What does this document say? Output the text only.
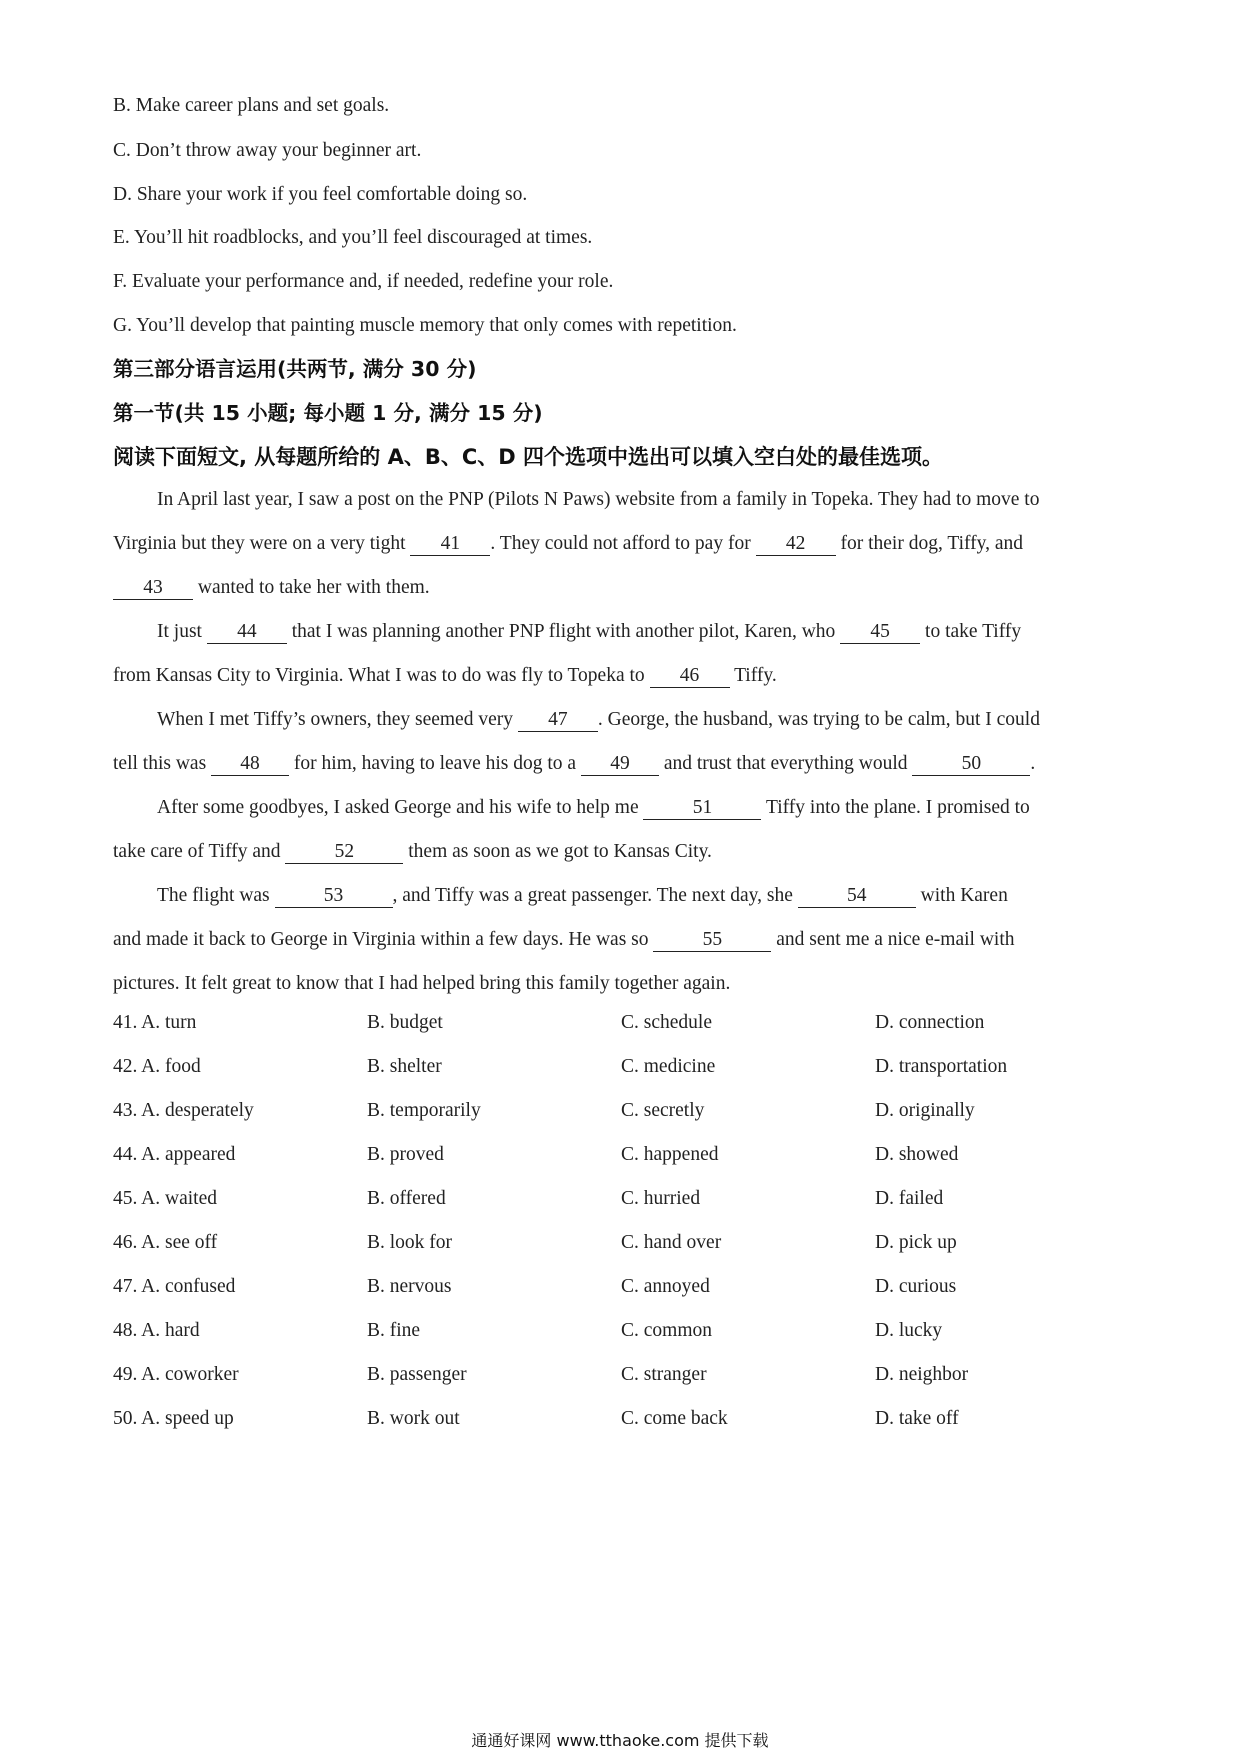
B. Make career plans and set goals.
C. Don’t throw away your beginner art.
D. Share your work if you feel comfortable doing so.
E. You’ll hit roadblocks, and you’ll feel discouraged at times.
F. Evaluate your performance and, if needed, redefine your role.
G. You’ll develop that painting muscle memory that only comes with repetition.
第三部分语言运用(共两节, 满分 30 分)
第一节(共 15 小题; 每小题 1 分, 满分 15 分)
阅读下面短文, 从每题所给的 A、B、C、D 四个选项中选出可以填入空白处的最佳选项。
In April last year, I saw a post on the PNP (Pilots N Paws) website from a family in Topeka. They had to move to
Virginia but they were on a very tight 41 . They could not afford to pay for 42 for their dog, Tiffy, and
43 wanted to take her with them.
It just 44 that I was planning another PNP flight with another pilot, Karen, who 45 to take Tiffy
from Kansas City to Virginia. What I was to do was fly to Topeka to 46 Tiffy.
When I met Tiffy’s owners, they seemed very 47 . George, the husband, was trying to be calm, but I could
tell this was 48 for him, having to leave his dog to a 49 and trust that everything would	50	.
After some goodbyes, I asked George and his wife to help me	51	Tiffy into the plane. I promised to
take care of Tiffy and	52	them as soon as we got to Kansas City.
The flight was	53	, and Tiffy was a great passenger. The next day, she	54	with Karen
and made it back to George in Virginia within a few days. He was so	55	and sent me a nice e-mail with
pictures. It felt great to know that I had helped bring this family together again.
41. A. turn	B. budget	C. schedule	D. connection
42. A. food	B. shelter	C. medicine	D. transportation
43. A. desperately	B. temporarily	C. secretly	D. originally
44. A. appeared	B. proved	C. happened	D. showed
45. A. waited	B. offered	C. hurried	D. failed
46. A. see off	B. look for	C. hand over	D. pick up
47. A. confused	B. nervous	C. annoyed	D. curious
48. A. hard	B. fine	C. common	D. lucky
49. A. coworker	B. passenger	C. stranger	D. neighbor
50. A. speed up	B. work out	C. come back	D. take off
通通好课网 www.tthaoke.com 提供下载
